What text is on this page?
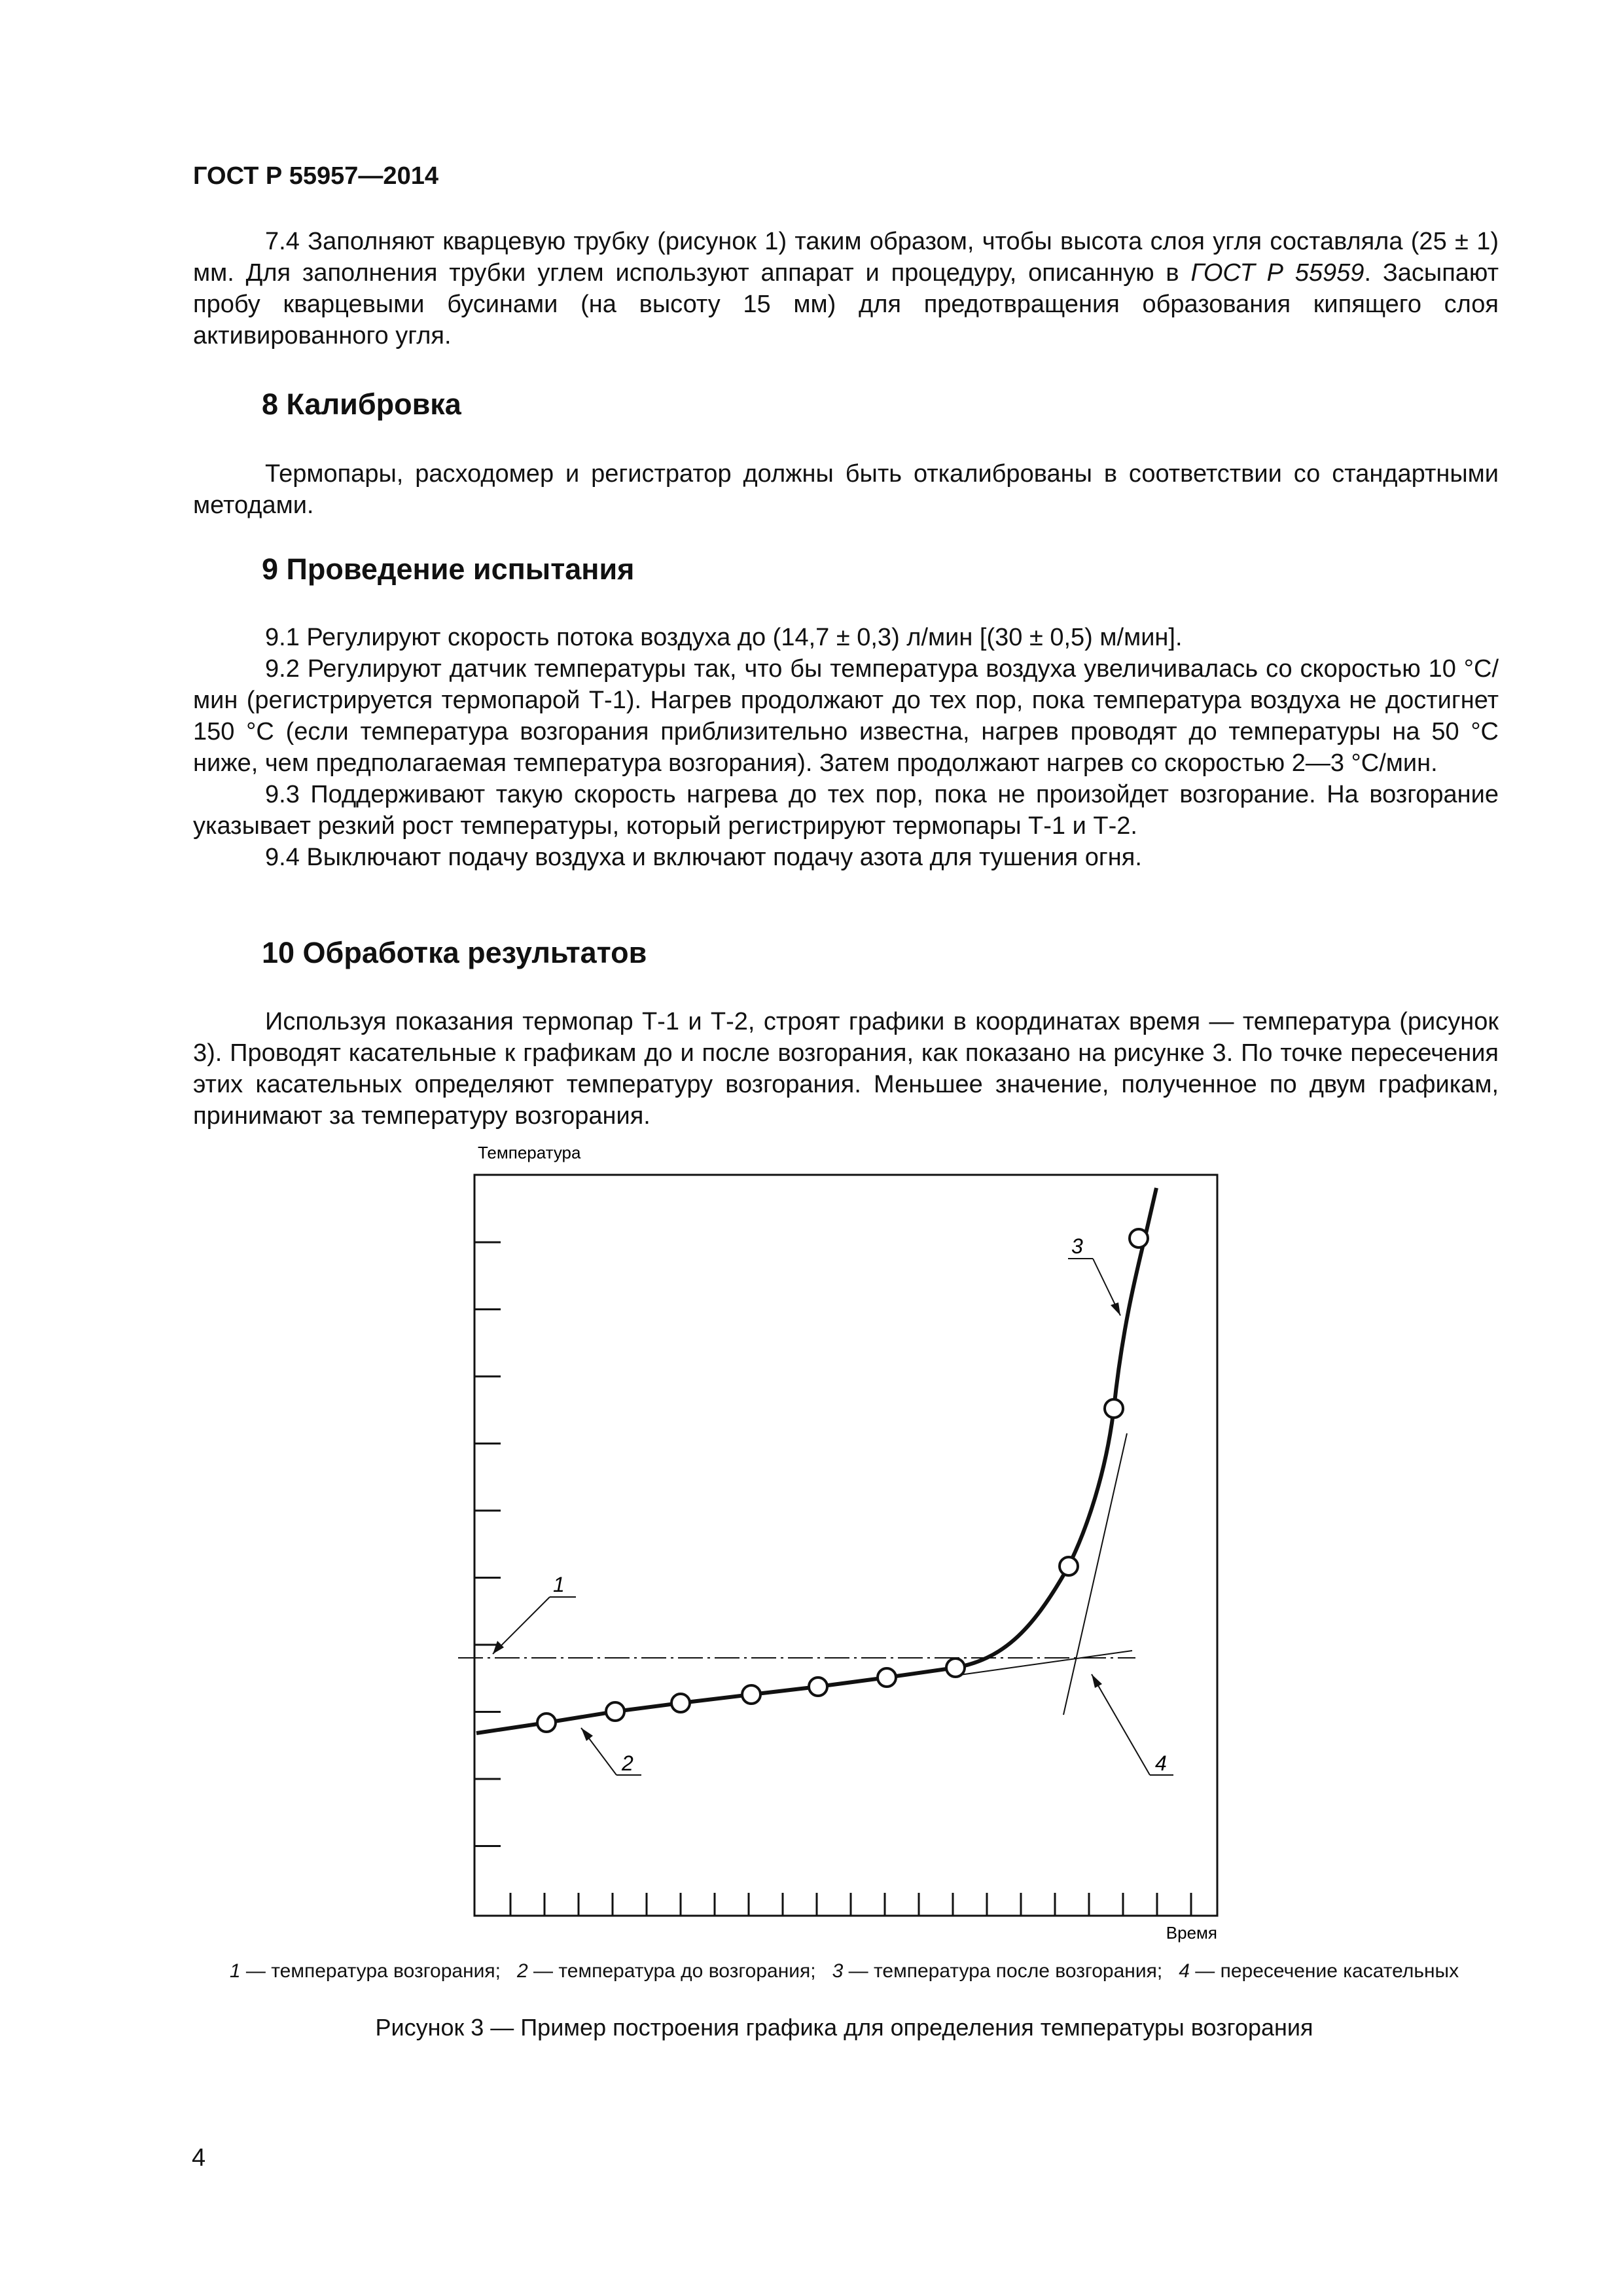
ГОСТ Р 55957—2014

7.4 Заполняют кварцевую трубку (рисунок 1) таким образом, чтобы высота слоя угля составляла (25 ± 1) мм. Для заполнения трубки углем используют аппарат и процедуру, описанную в ГОСТ Р 55959. Засыпают пробу кварцевыми бусинами (на высоту 15 мм) для предотвращения образования кипящего слоя активированного угля.

8 Калибровка

Термопары, расходомер и регистратор должны быть откалиброваны в соответствии со стандартными методами.

9 Проведение испытания

9.1 Регулируют скорость потока воздуха до (14,7 ± 0,3) л/мин [(30 ± 0,5) м/мин].

9.2 Регулируют датчик температуры так, что бы температура воздуха увеличивалась со скоростью 10 °С/мин (регистрируется термопарой Т-1). Нагрев продолжают до тех пор, пока температура воздуха не достигнет 150 °С (если температура возгорания приблизительно известна, нагрев проводят до температуры на 50 °С ниже, чем предполагаемая температура возгорания). Затем продолжают нагрев со скоростью 2—3 °С/мин.

9.3 Поддерживают такую скорость нагрева до тех пор, пока не произойдет возгорание. На возгорание указывает резкий рост температуры, который регистрируют термопары Т-1 и Т-2.

9.4 Выключают подачу воздуха и включают подачу азота для тушения огня.

10 Обработка результатов

Используя показания термопар Т-1 и Т-2, строят графики в координатах время — температура (рисунок 3). Проводят касательные к графикам до и после возгорания, как показано на рисунке 3. По точке пересечения этих касательных определяют температуру возгорания. Меньшее значение, полученное по двум графикам, принимают за температуру возгорания.

Температура
1
2
3
4
Время
1 — температура возгорания; 2 — температура до возгорания; 3 — температура после возгорания; 4 — пересечение касательных
Рисунок 3 — Пример построения графика для определения температуры возгорания
4
